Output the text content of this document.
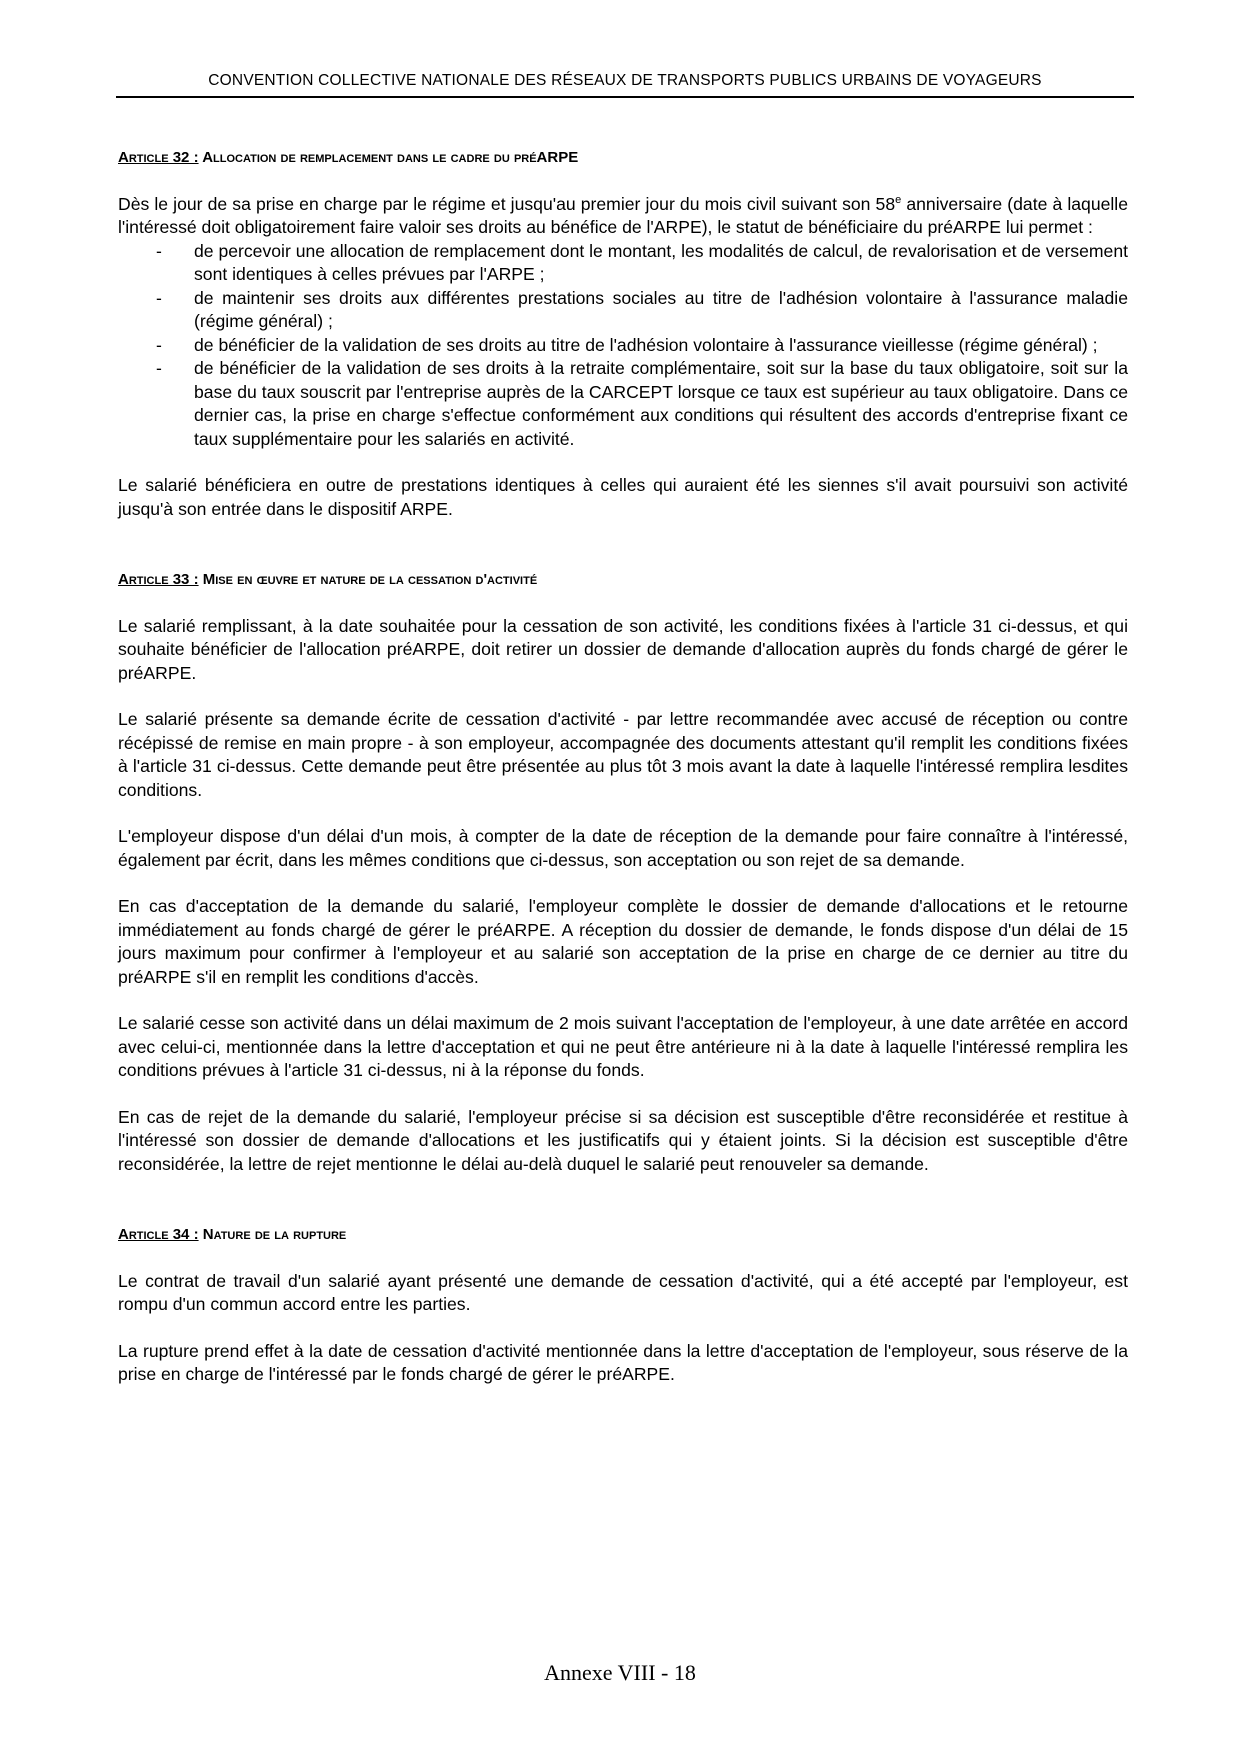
CONVENTION COLLECTIVE NATIONALE DES RÉSEAUX DE TRANSPORTS PUBLICS URBAINS DE VOYAGEURS
Article 32 : Allocation de remplacement dans le cadre du préARPE

Dès le jour de sa prise en charge par le régime et jusqu'au premier jour du mois civil suivant son 58e anniversaire (date à laquelle l'intéressé doit obligatoirement faire valoir ses droits au bénéfice de l'ARPE), le statut de bénéficiaire du préARPE lui permet :

- de percevoir une allocation de remplacement dont le montant, les modalités de calcul, de revalorisation et de versement sont identiques à celles prévues par l'ARPE ;
- de maintenir ses droits aux différentes prestations sociales au titre de l'adhésion volontaire à l'assurance maladie (régime général) ;
- de bénéficier de la validation de ses droits au titre de l'adhésion volontaire à l'assurance vieillesse (régime général) ;
- de bénéficier de la validation de ses droits à la retraite complémentaire, soit sur la base du taux obligatoire, soit sur la base du taux souscrit par l'entreprise auprès de la CARCEPT lorsque ce taux est supérieur au taux obligatoire. Dans ce dernier cas, la prise en charge s'effectue conformément aux conditions qui résultent des accords d'entreprise fixant ce taux supplémentaire pour les salariés en activité.

Le salarié bénéficiera en outre de prestations identiques à celles qui auraient été les siennes s'il avait poursuivi son activité jusqu'à son entrée dans le dispositif ARPE.

Article 33 : Mise en œuvre et nature de la cessation d'activité

Le salarié remplissant, à la date souhaitée pour la cessation de son activité, les conditions fixées à l'article 31 ci-dessus, et qui souhaite bénéficier de l'allocation préARPE, doit retirer un dossier de demande d'allocation auprès du fonds chargé de gérer le préARPE.

Le salarié présente sa demande écrite de cessation d'activité - par lettre recommandée avec accusé de réception ou contre récépissé de remise en main propre - à son employeur, accompagnée des documents attestant qu'il remplit les conditions fixées à l'article 31 ci-dessus. Cette demande peut être présentée au plus tôt 3 mois avant la date à laquelle l'intéressé remplira lesdites conditions.

L'employeur dispose d'un délai d'un mois, à compter de la date de réception de la demande pour faire connaître à l'intéressé, également par écrit, dans les mêmes conditions que ci-dessus, son acceptation ou son rejet de sa demande.

En cas d'acceptation de la demande du salarié, l'employeur complète le dossier de demande d'allocations et le retourne immédiatement au fonds chargé de gérer le préARPE. A réception du dossier de demande, le fonds dispose d'un délai de 15 jours maximum pour confirmer à l'employeur et au salarié son acceptation de la prise en charge de ce dernier au titre du préARPE s'il en remplit les conditions d'accès.

Le salarié cesse son activité dans un délai maximum de 2 mois suivant l'acceptation de l'employeur, à une date arrêtée en accord avec celui-ci, mentionnée dans la lettre d'acceptation et qui ne peut être antérieure ni à la date à laquelle l'intéressé remplira les conditions prévues à l'article 31 ci-dessus, ni à la réponse du fonds.

En cas de rejet de la demande du salarié, l'employeur précise si sa décision est susceptible d'être reconsidérée et restitue à l'intéressé son dossier de demande d'allocations et les justificatifs qui y étaient joints. Si la décision est susceptible d'être reconsidérée, la lettre de rejet mentionne le délai au-delà duquel le salarié peut renouveler sa demande.

Article 34 : Nature de la rupture

Le contrat de travail d'un salarié ayant présenté une demande de cessation d'activité, qui a été accepté par l'employeur, est rompu d'un commun accord entre les parties.

La rupture prend effet à la date de cessation d'activité mentionnée dans la lettre d'acceptation de l'employeur, sous réserve de la prise en charge de l'intéressé par le fonds chargé de gérer le préARPE.

Annexe VIII - 18
